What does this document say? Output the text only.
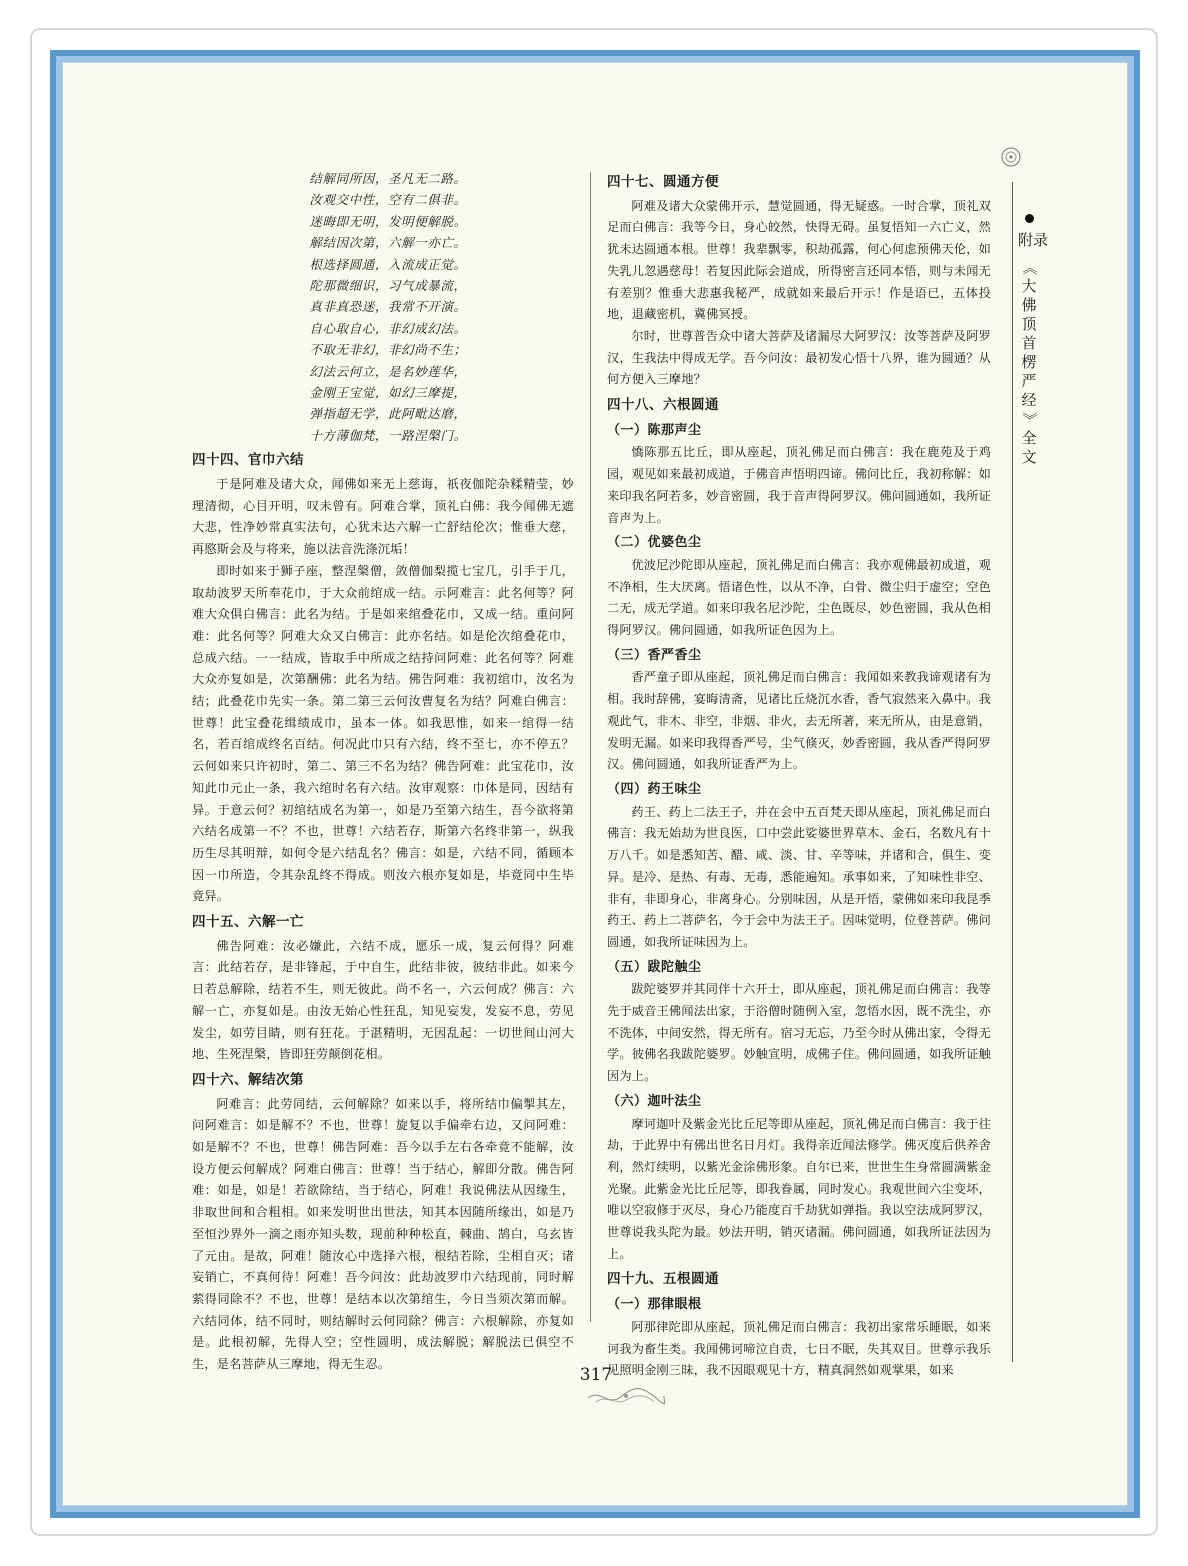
结解同所因，圣凡无二路。
汝观交中性，空有二俱非。
迷晦即无明，发明便解脱。
解结因次第，六解一亦亡。
根选择圆通，入流成正觉。
陀那微细识，习气成暴流，
真非真恐迷，我常不开演。
自心取自心，非幻成幻法。
不取无非幻，非幻尚不生；
幻法云何立，是名妙莲华，
金刚王宝觉，如幻三摩提，
弹指超无学，此阿毗达磨，
十方薄伽梵，一路涅槃门。
四十四、官巾六结

于是阿难及诸大众，闻佛如来无上慈诲，祇夜伽陀杂糅精莹，妙理清彻，心目开明，叹未曾有。阿难合掌，顶礼白佛：我今闻佛无遮大悲，性净妙常真实法句，心犹未达六解一亡舒结伦次；惟垂大慈，再愍斯会及与将来，施以法音洗涤沉垢！

即时如来于狮子座，整涅槃僧，敛僧伽梨揽七宝几，引手于几，取劫波罗天所奉花巾，于大众前绾成一结。示阿难言：此名何等？阿难大众俱白佛言：此名为结。于是如来绾叠花巾，又成一结。重问阿难：此名何等？阿难大众又白佛言：此亦名结。如是伦次绾叠花巾，总成六结。一一结成，皆取手中所成之结持问阿难：此名何等？阿难大众亦复如是，次第酬佛：此名为结。佛告阿难：我初绾巾，汝名为结；此叠花巾先实一条。第二第三云何汝曹复名为结？阿难白佛言：世尊！此宝叠花缉绩成巾，虽本一体。如我思惟，如来一绾得一结名，若百绾成终名百结。何况此巾只有六结，终不至七，亦不停五？云何如来只许初时，第二、第三不名为结？佛告阿难：此宝花巾，汝知此巾元止一条，我六绾时名有六结。汝审观察：巾体是同，因结有异。于意云何？初绾结成名为第一，如是乃至第六结生，吾今欲将第六结名成第一不？不也，世尊！六结若存，斯第六名终非第一，纵我历生尽其明辩，如何令是六结乱名？佛言：如是，六结不同，循顾本因一巾所造，令其杂乱终不得成。则汝六根亦复如是，毕竟同中生毕竟异。

四十五、六解一亡

佛告阿难：汝必嫌此，六结不成，愿乐一成，复云何得？阿难言：此结若存，是非锋起，于中自生，此结非彼，彼结非此。如来今日若总解除，结若不生，则无彼此。尚不名一，六云何成？佛言：六解一亡，亦复如是。由汝无始心性狂乱，知见妄发，发妄不息，劳见发尘，如劳目睛，则有狂花。于湛精明，无因乱起：一切世间山河大地、生死涅槃，皆即狂劳颠倒花相。

四十六、解结次第

阿难言：此劳同结，云何解除？如来以手，将所结巾偏掣其左，问阿难言：如是解不？不也，世尊！旋复以手偏牵右边，又问阿难：如是解不？不也，世尊！佛告阿难：吾今以手左右各牵竟不能解，汝设方便云何解成？阿难白佛言：世尊！当于结心，解即分散。佛告阿难：如是，如是！若欲除结，当于结心，阿难！我说佛法从因缘生，非取世间和合粗相。如来发明世出世法，知其本因随所缘出，如是乃至恒沙界外一滴之雨亦知头数，现前种种松直，棘曲、鹄白，乌玄皆了元由。是故，阿难！随汝心中选择六根，根结若除，尘相自灭；诸妄销亡，不真何待！阿难！吾今问汝：此劫波罗巾六结现前，同时解萦得同除不？不也，世尊！是结本以次第绾生，今日当须次第而解。六结同体，结不同时，则结解时云何同除？佛言：六根解除，亦复如是。此根初解，先得人空；空性圆明，成法解脱；解脱法已俱空不生，是名菩萨从三摩地，得无生忍。

四十七、圆通方便

阿难及诸大众蒙佛开示，慧觉圆通，得无疑惑。一时合掌，顶礼双足而白佛言：我等今日，身心皎然，快得无碍。虽复悟知一六亡义，然犹未达圆通本根。世尊！我辈飘零，积劫孤露，何心何虑预佛天伦，如失乳儿忽遇慈母！若复因此际会道成，所得密言还同本悟，则与未闻无有差别？惟垂大悲惠我秘严，成就如来最后开示！作是语已，五体投地，退藏密机，冀佛冥授。

尔时，世尊普告众中诸大菩萨及诸漏尽大阿罗汉：汝等菩萨及阿罗汉，生我法中得成无学。吾今问汝：最初发心悟十八界，谁为圆通？从何方便入三摩地？

四十八、六根圆通
（一）陈那声尘

憍陈那五比丘，即从座起，顶礼佛足而白佛言：我在鹿苑及于鸡园，观见如来最初成道，于佛音声悟明四谛。佛问比丘，我初称解：如来印我名阿若多，妙音密圆，我于音声得阿罗汉。佛问圆通如，我所证音声为上。

（二）优婆色尘

优波尼沙陀即从座起，顶礼佛足而白佛言：我亦观佛最初成道，观不净相，生大厌离。悟诸色性，以从不净，白骨、微尘归于虚空；空色二无，成无学道。如来印我名尼沙陀，尘色既尽，妙色密圆，我从色相得阿罗汉。佛问圆通，如我所证色因为上。

（三）香严香尘

香严童子即从座起，顶礼佛足而白佛言：我闻如来教我谛观诸有为相。我时辞佛，宴晦清斋，见诸比丘烧沉水香，香气寂然来入鼻中。我观此气，非木、非空，非烟、非火，去无所著，来无所从，由是意销，发明无漏。如来印我得香严号，尘气倏灭，妙香密圆，我从香严得阿罗汉。佛问圆通，如我所证香严为上。

（四）药王味尘

药王、药上二法王子，并在会中五百梵天即从座起，顶礼佛足而白佛言：我无始劫为世良医，口中尝此娑婆世界草木、金石，名数凡有十万八千。如是悉知苦、醋、咸、淡、甘、辛等味，并诸和合，俱生、变异。是冷、是热、有毒、无毒，悉能遍知。承事如来，了知味性非空、非有，非即身心，非离身心。分别味因，从是开悟，蒙佛如来印我昆季药王、药上二菩萨名，今于会中为法王子。因味觉明，位登菩萨。佛问圆通，如我所证味因为上。

（五）跋陀触尘

跋陀婆罗并其同伴十六开士，即从座起，顶礼佛足而白佛言：我等先于威音王佛闻法出家，于浴僧时随例入室，忽悟水因，既不洗尘，亦不洗体，中间安然，得无所有。宿习无忘，乃至今时从佛出家，令得无学。彼佛名我跋陀婆罗。妙触宣明，成佛子住。佛问圆通，如我所证触因为上。

（六）迦叶法尘

摩诃迦叶及紫金光比丘尼等即从座起，顶礼佛足而白佛言：我于往劫，于此界中有佛出世名日月灯。我得亲近闻法修学。佛灭度后供养舍利，然灯续明，以紫光金涂佛形象。自尔已来，世世生生身常圆满紫金光聚。此紫金光比丘尼等，即我眷属，同时发心。我观世间六尘变坏，唯以空寂修于灭尽，身心乃能度百千劫犹如弹指。我以空法成阿罗汉，世尊说我头陀为最。妙法开明，销灭诸漏。佛问圆通，如我所证法因为上。

四十九、五根圆通
（一）那律眼根

阿那律陀即从座起，顶礼佛足而白佛言：我初出家常乐睡眠，如来诃我为畜生类。我闻佛诃啼泣自责，七日不眠，失其双目。世尊示我乐见照明金刚三昧，我不因眼观见十方，精真洞然如观掌果，如来

附录
《
大
佛
顶
首
楞
严
经
》
全
文
317
